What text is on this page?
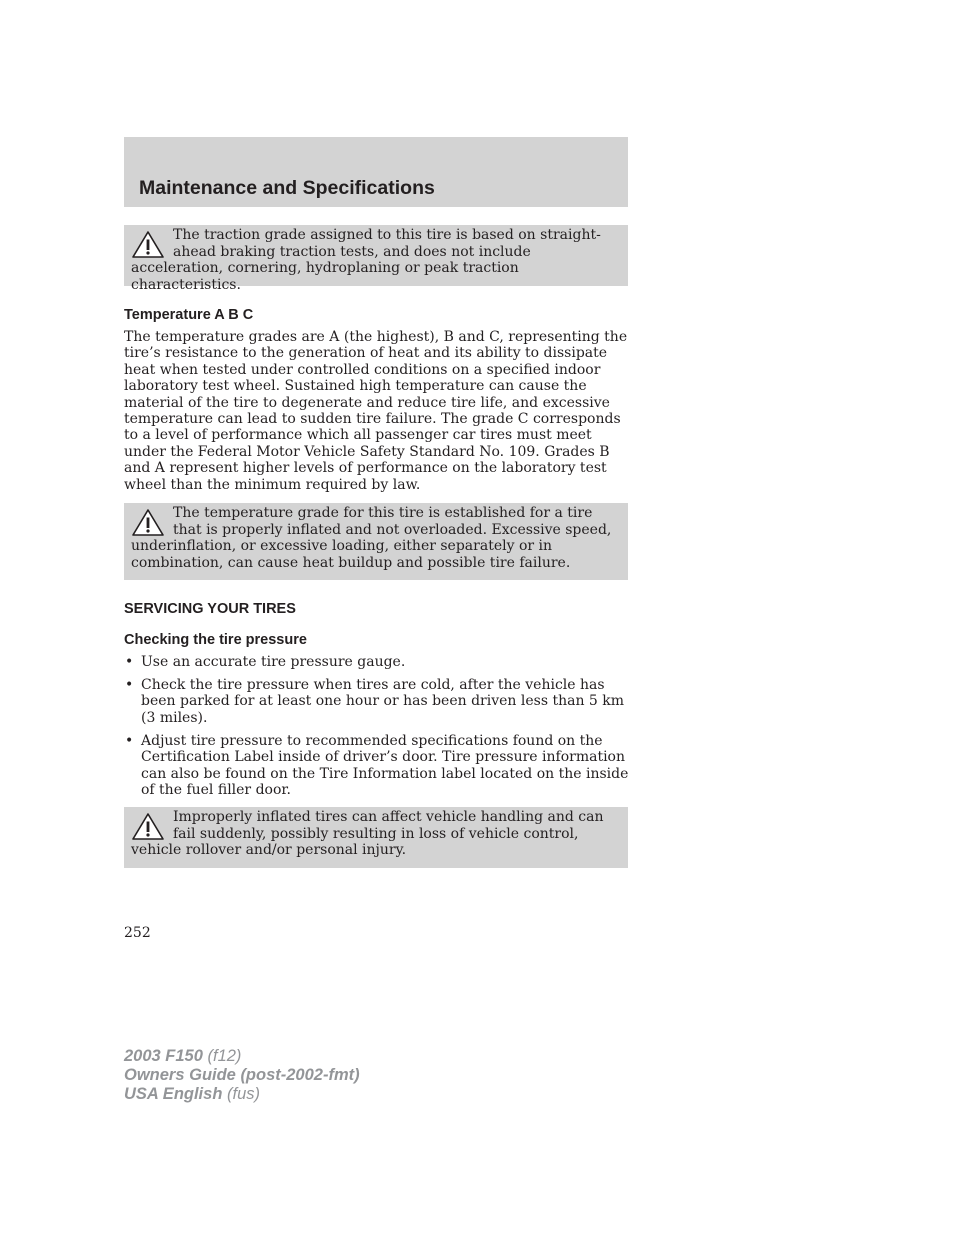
Maintenance and Specifications

The traction grade assigned to this tire is based on straight-ahead braking traction tests, and does not include acceleration, cornering, hydroplaning or peak traction characteristics.

Temperature A B C

The temperature grades are A (the highest), B and C, representing the tire’s resistance to the generation of heat and its ability to dissipate heat when tested under controlled conditions on a specified indoor laboratory test wheel. Sustained high temperature can cause the material of the tire to degenerate and reduce tire life, and excessive temperature can lead to sudden tire failure. The grade C corresponds to a level of performance which all passenger car tires must meet under the Federal Motor Vehicle Safety Standard No. 109. Grades B and A represent higher levels of performance on the laboratory test wheel than the minimum required by law.

The temperature grade for this tire is established for a tire that is properly inflated and not overloaded. Excessive speed, underinflation, or excessive loading, either separately or in combination, can cause heat buildup and possible tire failure.

SERVICING YOUR TIRES
Checking the tire pressure
• Use an accurate tire pressure gauge.
• Check the tire pressure when tires are cold, after the vehicle has been parked for at least one hour or has been driven less than 5 km (3 miles).
• Adjust tire pressure to recommended specifications found on the Certification Label inside of driver’s door. Tire pressure information can also be found on the Tire Information label located on the inside of the fuel filler door.

Improperly inflated tires can affect vehicle handling and can fail suddenly, possibly resulting in loss of vehicle control, vehicle rollover and/or personal injury.

252

2003 F150 (f12)
Owners Guide (post-2002-fmt)
USA English (fus)
